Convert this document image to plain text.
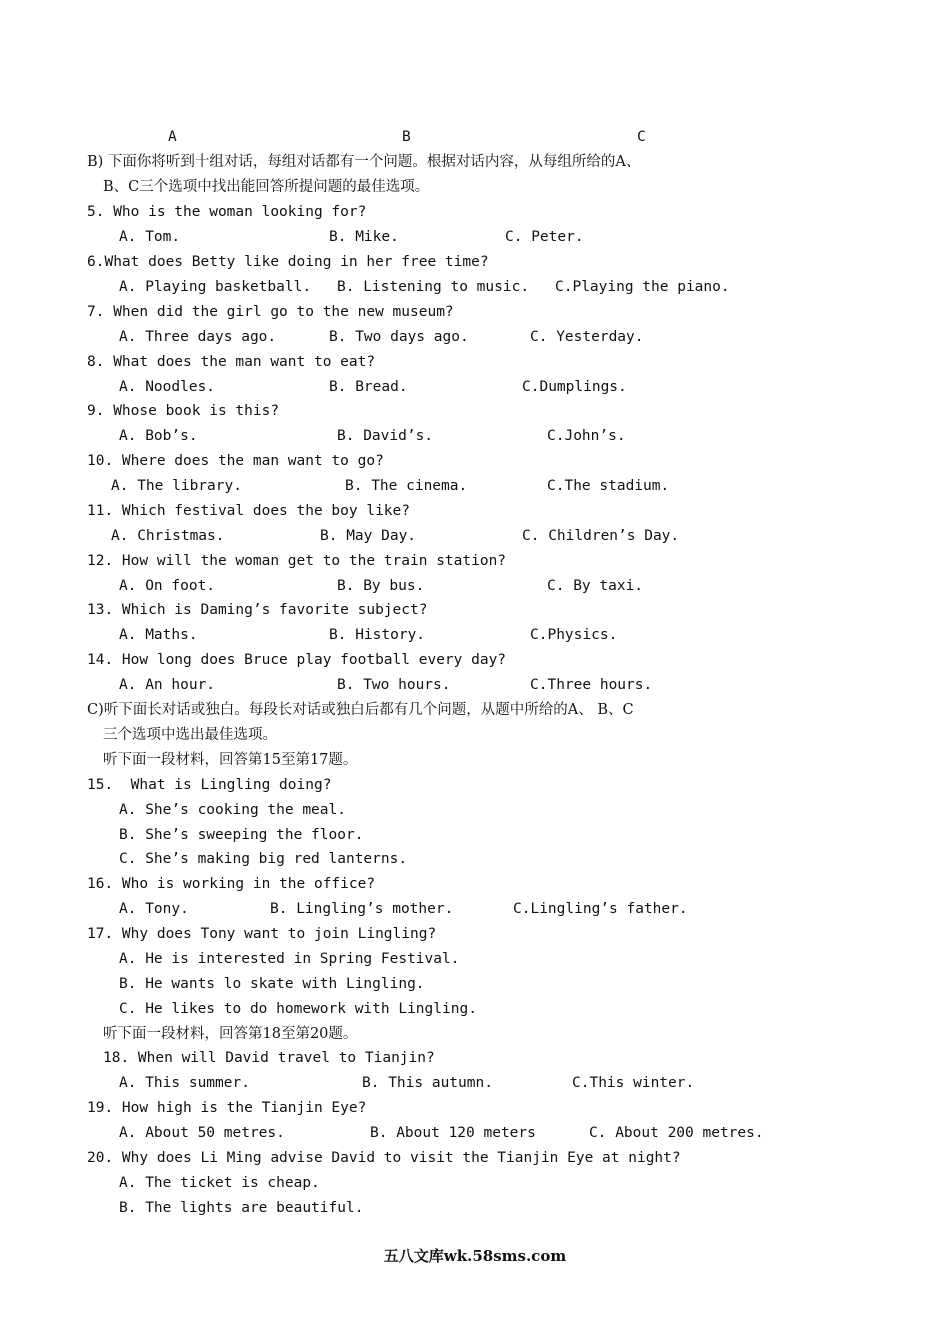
A	B	C
B) 下面你将听到十组对话，每组对话都有一个问题。根据对话内容，从每组所给的A、
B、C三个选项中找出能回答所提问题的最佳选项。
5. Who is the woman looking for?
A. Tom.	B. Mike.	C. Peter.
6.What does Betty like doing in her free time?
A. Playing basketball. B. Listening to music. C.Playing the piano.
7. When did the girl go to the new museum?
A. Three days ago.	B. Two days ago.	C. Yesterday.
8. What does the man want to eat?
A. Noodles.	B. Bread.	C.Dumplings.
9. Whose book is this?
A. Bob’s.	B. David’s.	C.John’s.
10. Where does the man want to go?
A. The library.	B. The cinema.	C.The stadium.
11. Which festival does the boy like?
A. Christmas.	B. May Day.	C. Children’s Day.
12. How will the woman get to the train station?
A. On foot.	B. By bus.	C. By taxi.
13. Which is Daming’s favorite subject?
A. Maths.	B. History.	C.Physics.
14. How long does Bruce play football every day?
A. An hour.	B. Two hours.	C.Three hours.
C)听下面长对话或独白。每段长对话或独白后都有几个问题，从题中所给的A、 B、C
三个选项中选出最佳选项。
听下面一段材料，回答第15至第17题。
15.  What is Lingling doing?
A. She’s cooking the meal.
B. She’s sweeping the floor.
C. She’s making big red lanterns.
16. Who is working in the office?
A. Tony.	B. Lingling’s mother.	C.Lingling’s father.
17. Why does Tony want to join Lingling?
A. He is interested in Spring Festival.
B. He wants lo skate with Lingling.
C. He likes to do homework with Lingling.
听下面一段材料，回答第18至第20题。
18. When will David travel to Tianjin?
A. This summer.	B. This autumn.	C.This winter.
19. How high is the Tianjin Eye?
A. About 50 metres.	B. About 120 meters	C. About 200 metres.
20. Why does Li Ming advise David to visit the Tianjin Eye at night?
A. The ticket is cheap.
B. The lights are beautiful.
五八文库wk.58sms.com
